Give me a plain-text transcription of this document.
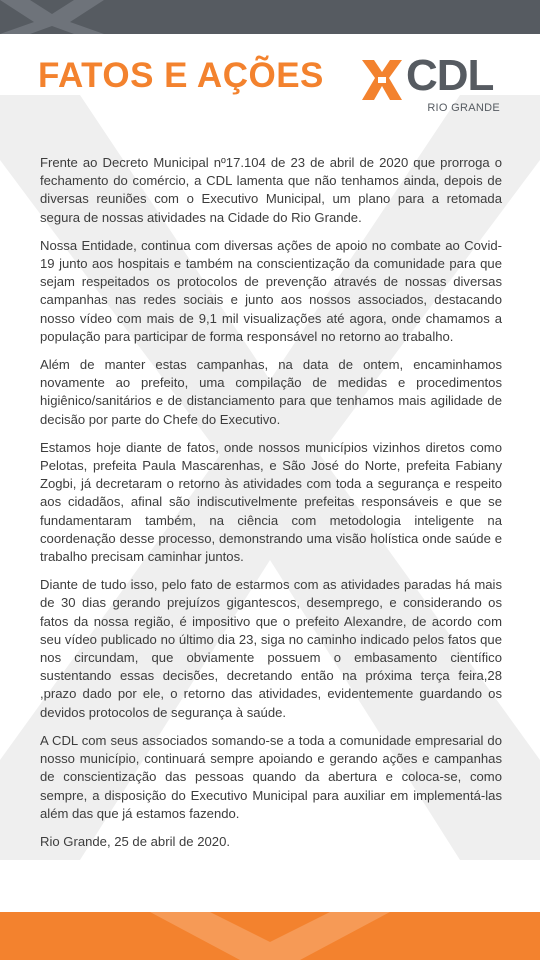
FATOS E AÇÕES CDL
RIO GRANDE

Frente ao Decreto Municipal nº17.104 de 23 de abril de 2020 que prorroga o fechamento do comércio, a CDL lamenta que não tenhamos ainda, depois de diversas reuniões com o Executivo Municipal, um plano para a retomada segura de nossas atividades na Cidade do Rio Grande.

Nossa Entidade, continua com diversas ações de apoio no combate ao Covid-19 junto aos hospitais e também na conscientização da comunidade para que sejam respeitados os protocolos de prevenção através de nossas diversas campanhas nas redes sociais e junto aos nossos associados, destacando nosso vídeo com mais de 9,1 mil visualizações até agora, onde chamamos a população para participar de forma responsável no retorno ao trabalho.

Além de manter estas campanhas, na data de ontem, encaminhamos novamente ao prefeito, uma compilação de medidas e procedimentos higiênico/sanitários e de distanciamento para que tenhamos mais agilidade de decisão por parte do Chefe do Executivo.

Estamos hoje diante de fatos, onde nossos municípios vizinhos diretos como Pelotas, prefeita Paula Mascarenhas, e São José do Norte, prefeita Fabiany Zogbi, já decretaram o retorno às atividades com toda a segurança e respeito aos cidadãos, afinal são indiscutivelmente prefeitas responsáveis e que se fundamentaram também, na ciência com metodologia inteligente na coordenação desse processo, demonstrando uma visão holística onde saúde e trabalho precisam caminhar juntos.

Diante de tudo isso, pelo fato de estarmos com as atividades paradas há mais de 30 dias gerando prejuízos gigantescos, desemprego, e considerando os fatos da nossa região, é impositivo que o prefeito Alexandre, de acordo com seu vídeo publicado no último dia 23, siga no caminho indicado pelos fatos que nos circundam, que obviamente possuem o embasamento científico sustentando essas decisões, decretando então na próxima terça feira,28 ,prazo dado por ele, o retorno das atividades, evidentemente guardando os devidos protocolos de segurança à saúde.

A CDL com seus associados somando-se a toda a comunidade empresarial do nosso município, continuará sempre apoiando e gerando ações e campanhas de conscientização das pessoas quando da abertura e coloca-se, como sempre, a disposição do Executivo Municipal para auxiliar em implementá-las além das que já estamos fazendo.

Rio Grande, 25 de abril de 2020.
